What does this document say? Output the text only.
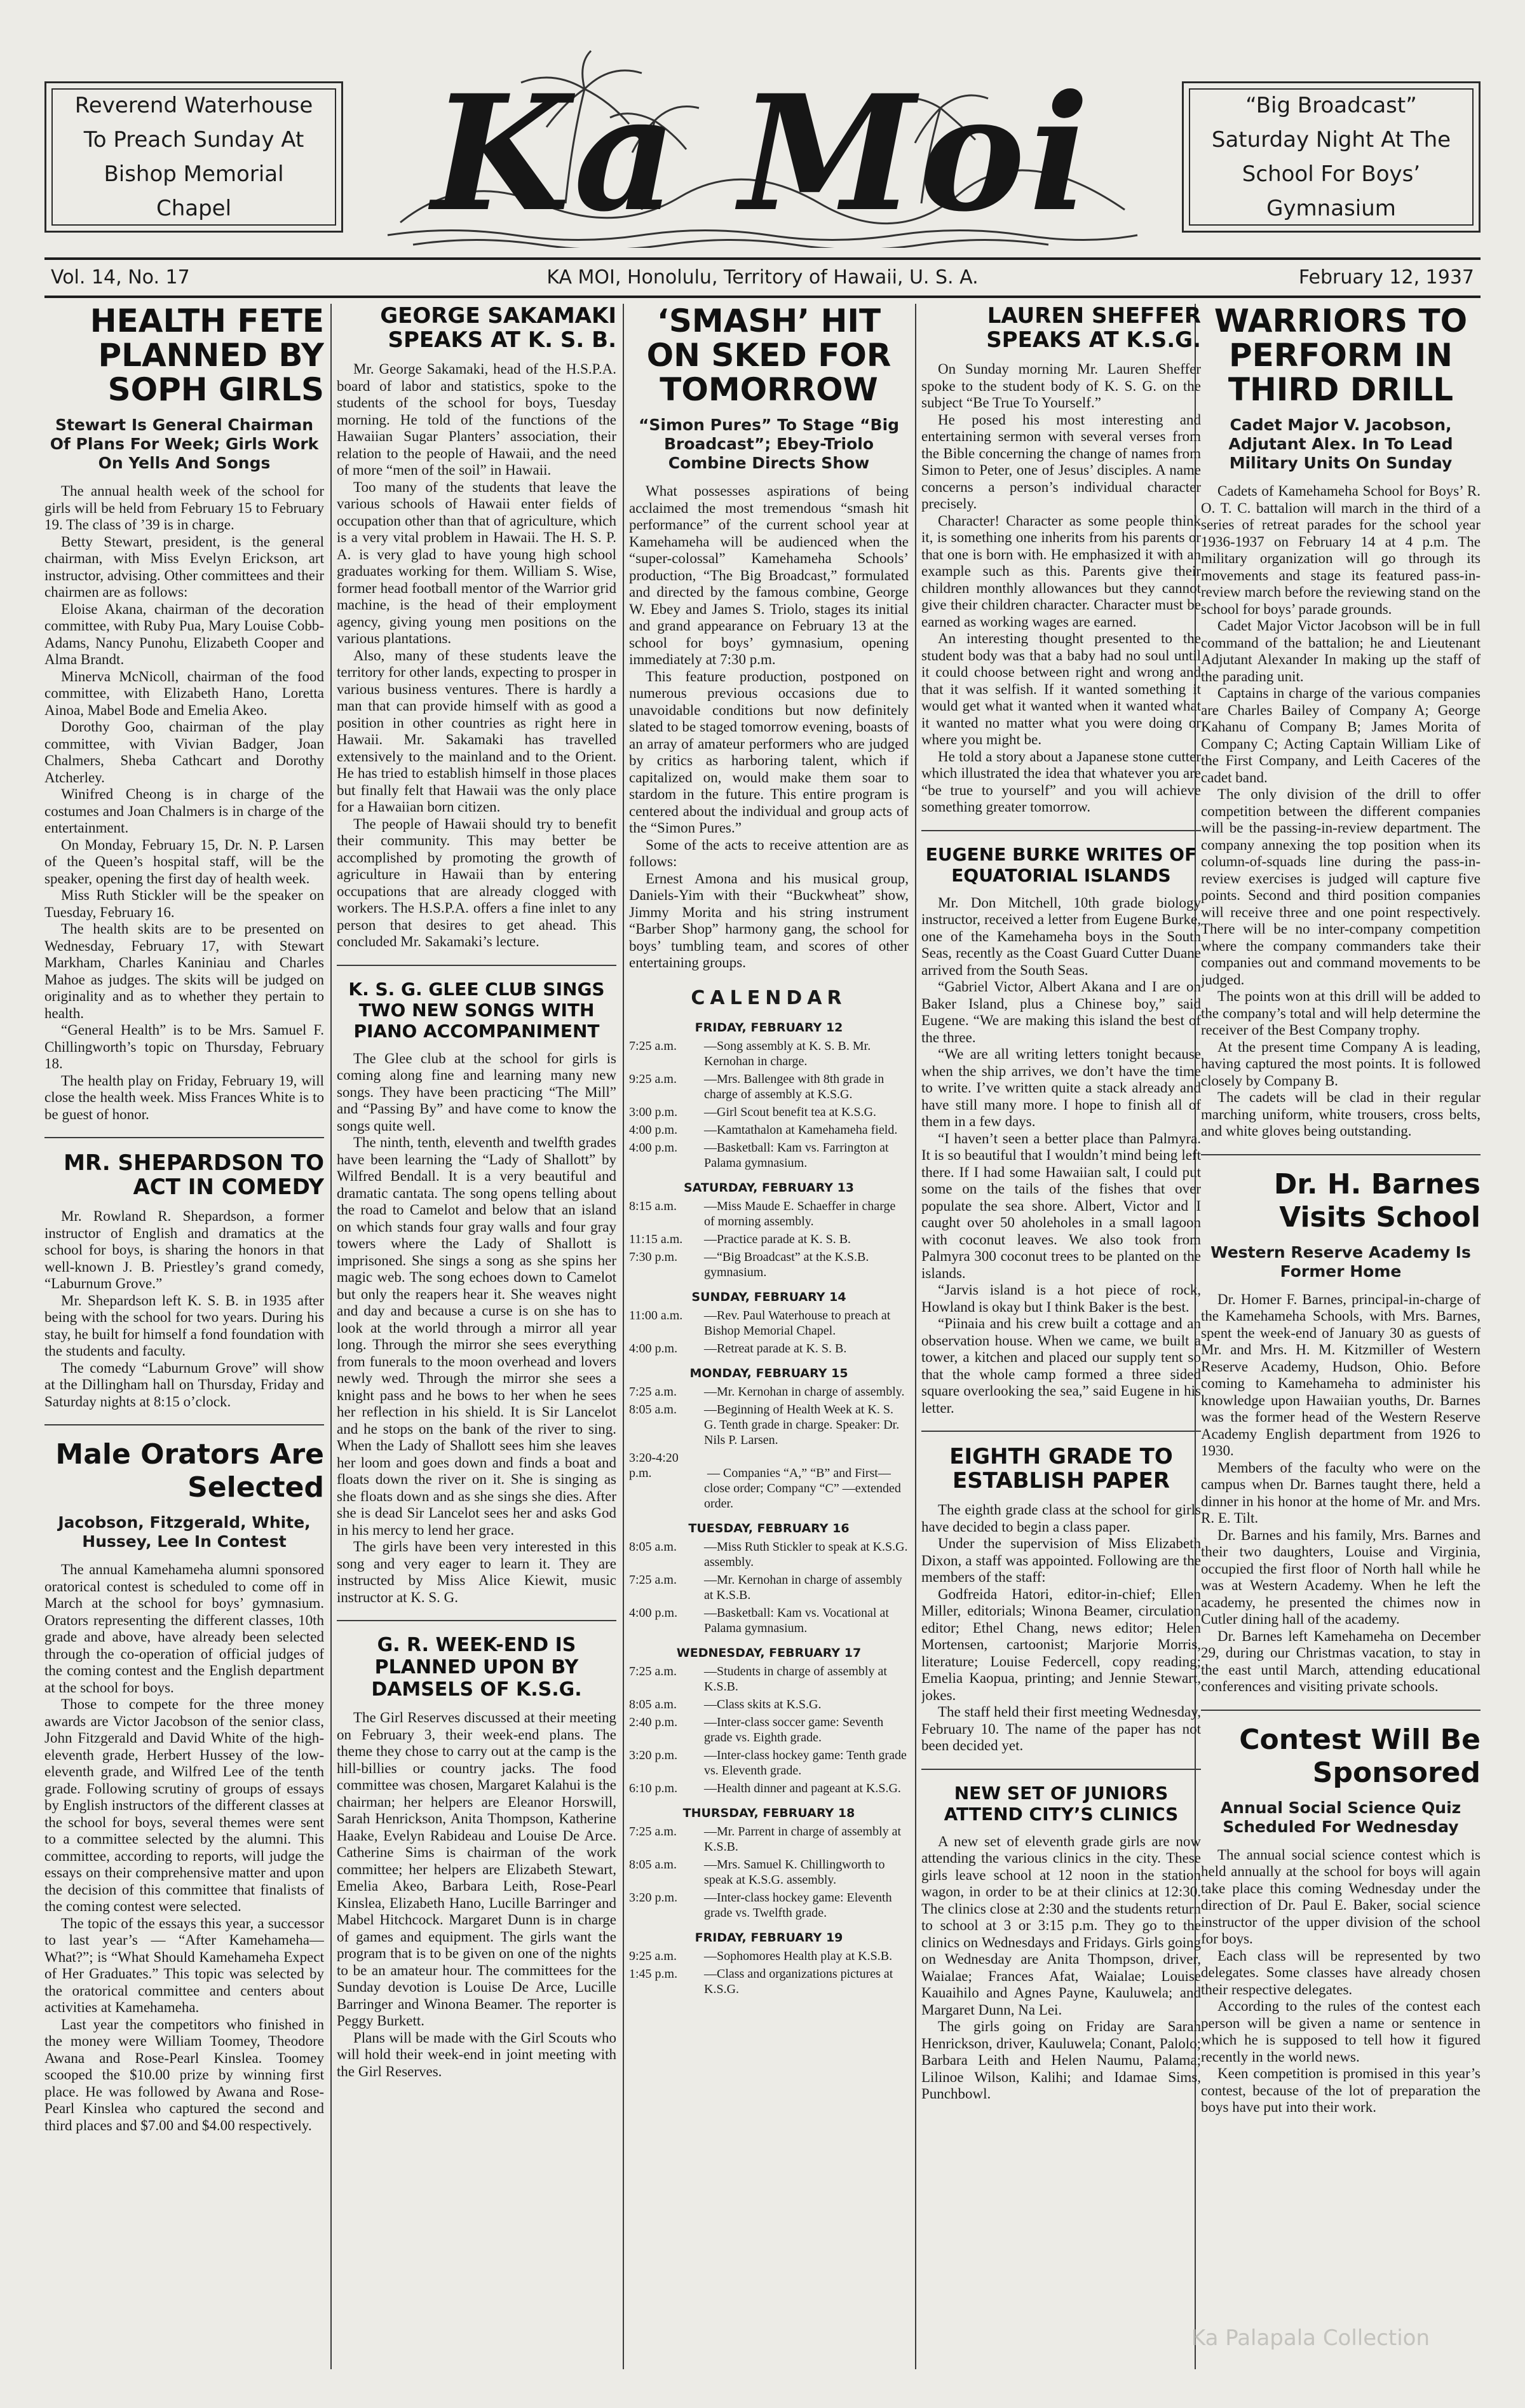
Reverend Waterhouse To Preach Sunday At Bishop Memorial Chapel	Ka Moi	“Big Broadcast” Saturday Night At The School For Boys’ Gymnasium
Vol. 14, No. 17	KA MOI, Honolulu, Territory of Hawaii, U. S. A.	February 12, 1937
HEALTH FETE PLANNED BY SOPH GIRLS
Stewart Is General Chairman Of Plans For Week; Girls Work On Yells And Songs

The annual health week of the school for girls will be held from February 15 to February 19. The class of ’39 is in charge.

Betty Stewart, president, is the general chairman, with Miss Evelyn Erickson, art instructor, advising. Other committees and their chairmen are as follows:

Eloise Akana, chairman of the decoration committee, with Ruby Pua, Mary Louise Cobb-Adams, Nancy Punohu, Elizabeth Cooper and Alma Brandt.

Minerva McNicoll, chairman of the food committee, with Elizabeth Hano, Loretta Ainoa, Mabel Bode and Emelia Akeo.

Dorothy Goo, chairman of the play committee, with Vivian Badger, Joan Chalmers, Sheba Cathcart and Dorothy Atcherley.

Winifred Cheong is in charge of the costumes and Joan Chalmers is in charge of the entertainment.

On Monday, February 15, Dr. N. P. Larsen of the Queen’s hospital staff, will be the speaker, opening the first day of health week.

Miss Ruth Stickler will be the speaker on Tuesday, February 16.

The health skits are to be presented on Wednesday, February 17, with Stewart Markham, Charles Kaniniau and Charles Mahoe as judges. The skits will be judged on originality and as to whether they pertain to health.

“General Health” is to be Mrs. Samuel F. Chillingworth’s topic on Thursday, February 18.

The health play on Friday, February 19, will close the health week. Miss Frances White is to be guest of honor.

MR. SHEPARDSON TO ACT IN COMEDY

Mr. Rowland R. Shepardson, a former instructor of English and dramatics at the school for boys, is sharing the honors in that well-known J. B. Priestley’s grand comedy, “Laburnum Grove.”

Mr. Shepardson left K. S. B. in 1935 after being with the school for two years. During his stay, he built for himself a fond foundation with the students and faculty.

The comedy “Laburnum Grove” will show at the Dillingham hall on Thursday, Friday and Saturday nights at 8:15 o’clock.

Male Orators Are Selected
Jacobson, Fitzgerald, White, Hussey, Lee In Contest

The annual Kamehameha alumni sponsored oratorical contest is scheduled to come off in March at the school for boys’ gymnasium. Orators representing the different classes, 10th grade and above, have already been selected through the co-operation of official judges of the coming contest and the English department at the school for boys.

Those to compete for the three money awards are Victor Jacobson of the senior class, John Fitzgerald and David White of the high-eleventh grade, Herbert Hussey of the low-eleventh grade, and Wilfred Lee of the tenth grade. Following scrutiny of groups of essays by English instructors of the different classes at the school for boys, several themes were sent to a committee selected by the alumni. This committee, according to reports, will judge the essays on their comprehensive matter and upon the decision of this committee that finalists of the coming contest were selected.

The topic of the essays this year, a successor to last year’s — “After Kamehameha—What?”; is “What Should Kamehameha Expect of Her Graduates.” This topic was selected by the oratorical committee and centers about activities at Kamehameha.

Last year the competitors who finished in the money were William Toomey, Theodore Awana and Rose-Pearl Kinslea. Toomey scooped the $10.00 prize by winning first place. He was followed by Awana and Rose-Pearl Kinslea who captured the second and third places and $7.00 and $4.00 respectively.

GEORGE SAKAMAKI SPEAKS AT K. S. B.

Mr. George Sakamaki, head of the H.S.P.A. board of labor and statistics, spoke to the students of the school for boys, Tuesday morning. He told of the functions of the Hawaiian Sugar Planters’ association, their relation to the people of Hawaii, and the need of more “men of the soil” in Hawaii.

Too many of the students that leave the various schools of Hawaii enter fields of occupation other than that of agriculture, which is a very vital problem in Hawaii. The H. S. P. A. is very glad to have young high school graduates working for them. William S. Wise, former head football mentor of the Warrior grid machine, is the head of their employment agency, giving young men positions on the various plantations.

Also, many of these students leave the territory for other lands, expecting to prosper in various business ventures. There is hardly a man that can provide himself with as good a position in other countries as right here in Hawaii. Mr. Sakamaki has travelled extensively to the mainland and to the Orient. He has tried to establish himself in those places but finally felt that Hawaii was the only place for a Hawaiian born citizen.

The people of Hawaii should try to benefit their community. This may better be accomplished by promoting the growth of agriculture in Hawaii than by entering occupations that are already clogged with workers. The H.S.P.A. offers a fine inlet to any person that desires to get ahead. This concluded Mr. Sakamaki’s lecture.

K. S. G. GLEE CLUB SINGS TWO NEW SONGS WITH PIANO ACCOMPANIMENT

The Glee club at the school for girls is coming along fine and learning many new songs. They have been practicing “The Mill” and “Passing By” and have come to know the songs quite well.

The ninth, tenth, eleventh and twelfth grades have been learning the “Lady of Shallott” by Wilfred Bendall. It is a very beautiful and dramatic cantata. The song opens telling about the road to Camelot and below that an island on which stands four gray walls and four gray towers where the Lady of Shallott is imprisoned. She sings a song as she spins her magic web. The song echoes down to Camelot but only the reapers hear it. She weaves night and day and because a curse is on she has to look at the world through a mirror all year long. Through the mirror she sees everything from funerals to the moon overhead and lovers newly wed. Through the mirror she sees a knight pass and he bows to her when he sees her reflection in his shield. It is Sir Lancelot and he stops on the bank of the river to sing. When the Lady of Shallott sees him she leaves her loom and goes down and finds a boat and floats down the river on it. She is singing as she floats down and as she sings she dies. After she is dead Sir Lancelot sees her and asks God in his mercy to lend her grace.

The girls have been very interested in this song and very eager to learn it. They are instructed by Miss Alice Kiewit, music instructor at K. S. G.

G. R. WEEK-END IS PLANNED UPON BY DAMSELS OF K.S.G.

The Girl Reserves discussed at their meeting on February 3, their week-end plans. The theme they chose to carry out at the camp is the hill-billies or country jacks. The food committee was chosen, Margaret Kalahui is the chairman; her helpers are Eleanor Horswill, Sarah Henrickson, Anita Thompson, Katherine Haake, Evelyn Rabideau and Louise De Arce. Catherine Sims is chairman of the work committee; her helpers are Elizabeth Stewart, Emelia Akeo, Barbara Leith, Rose-Pearl Kinslea, Elizabeth Hano, Lucille Barringer and Mabel Hitchcock. Margaret Dunn is in charge of games and equipment. The girls want the program that is to be given on one of the nights to be an amateur hour. The committees for the Sunday devotion is Louise De Arce, Lucille Barringer and Winona Beamer. The reporter is Peggy Burkett.

Plans will be made with the Girl Scouts who will hold their week-end in joint meeting with the Girl Reserves.

‘SMASH’ HIT ON SKED FOR TOMORROW
“Simon Pures” To Stage “Big Broadcast”; Ebey-Triolo Combine Directs Show

What possesses aspirations of being acclaimed the most tremendous “smash hit performance” of the current school year at Kamehameha will be audienced when the “super-colossal” Kamehameha Schools’ production, “The Big Broadcast,” formulated and directed by the famous combine, George W. Ebey and James S. Triolo, stages its initial and grand appearance on February 13 at the school for boys’ gymnasium, opening immediately at 7:30 p.m.

This feature production, postponed on numerous previous occasions due to unavoidable conditions but now definitely slated to be staged tomorrow evening, boasts of an array of amateur performers who are judged by critics as harboring talent, which if capitalized on, would make them soar to stardom in the future. This entire program is centered about the individual and group acts of the “Simon Pures.”

Some of the acts to receive attention are as follows:

Ernest Amona and his musical group, Daniels-Yim with their “Buckwheat” show, Jimmy Morita and his string instrument “Barber Shop” harmony gang, the school for boys’ tumbling team, and scores of other entertaining groups.

CALENDAR
FRIDAY, FEBRUARY 12
7:25 a.m. —Song assembly at K. S. B. Mr. Kernohan in charge.
9:25 a.m. —Mrs. Ballengee with 8th grade in charge of assembly at K.S.G.
3:00 p.m. —Girl Scout benefit tea at K.S.G.
4:00 p.m. —Kamtathalon at Kamehameha field.
4:00 p.m. —Basketball: Kam vs. Farrington at Palama gymnasium.
SATURDAY, FEBRUARY 13
8:15 a.m. —Miss Maude E. Schaeffer in charge of morning assembly.
11:15 a.m. —Practice parade at K. S. B.
7:30 p.m. —“Big Broadcast” at the K.S.B. gymnasium.
SUNDAY, FEBRUARY 14
11:00 a.m. —Rev. Paul Waterhouse to preach at Bishop Memorial Chapel.
4:00 p.m. —Retreat parade at K. S. B.
MONDAY, FEBRUARY 15
7:25 a.m. —Mr. Kernohan in charge of assembly.
8:05 a.m. —Beginning of Health Week at K. S. G. Tenth grade in charge. Speaker: Dr. Nils P. Larsen.
3:20-4:20 p.m.	— Companies “A,” “B” and First—close order; Company “C” —extended order.
TUESDAY, FEBRUARY 16
8:05 a.m. —Miss Ruth Stickler to speak at K.S.G. assembly.
7:25 a.m. —Mr. Kernohan in charge of assembly at K.S.B.
4:00 p.m. —Basketball: Kam vs. Vocational at Palama gymnasium.
WEDNESDAY, FEBRUARY 17
7:25 a.m. —Students in charge of assembly at K.S.B.
8:05 a.m. —Class skits at K.S.G.
2:40 p.m. —Inter-class soccer game: Seventh grade vs. Eighth grade.
3:20 p.m. —Inter-class hockey game: Tenth grade vs. Eleventh grade.
6:10 p.m. —Health dinner and pageant at K.S.G.
THURSDAY, FEBRUARY 18
7:25 a.m. —Mr. Parrent in charge of assembly at K.S.B.
8:05 a.m. —Mrs. Samuel K. Chillingworth to speak at K.S.G. assembly.
3:20 p.m. —Inter-class hockey game: Eleventh grade vs. Twelfth grade.
FRIDAY, FEBRUARY 19
9:25 a.m. —Sophomores Health play at K.S.B.
1:45 p.m. —Class and organizations pictures at K.S.G.
LAUREN SHEFFER SPEAKS AT K.S.G.

On Sunday morning Mr. Lauren Sheffer spoke to the student body of K. S. G. on the subject “Be True To Yourself.”

He posed his most interesting and entertaining sermon with several verses from the Bible concerning the change of names from Simon to Peter, one of Jesus’ disciples. A name concerns a person’s individual character precisely.

Character! Character as some people think it, is something one inherits from his parents or that one is born with. He emphasized it with an example such as this. Parents give their children monthly allowances but they cannot give their children character. Character must be earned as working wages are earned.

An interesting thought presented to the student body was that a baby had no soul until it could choose between right and wrong and that it was selfish. If it wanted something it would get what it wanted when it wanted what it wanted no matter what you were doing or where you might be.

He told a story about a Japanese stone cutter which illustrated the idea that whatever you are “be true to yourself” and you will achieve something greater tomorrow.

EUGENE BURKE WRITES OF EQUATORIAL ISLANDS

Mr. Don Mitchell, 10th grade biology instructor, received a letter from Eugene Burke, one of the Kamehameha boys in the South Seas, recently as the Coast Guard Cutter Duane arrived from the South Seas.

“Gabriel Victor, Albert Akana and I are on Baker Island, plus a Chinese boy,” said Eugene. “We are making this island the best of the three.

“We are all writing letters tonight because when the ship arrives, we don’t have the time to write. I’ve written quite a stack already and have still many more. I hope to finish all of them in a few days.

“I haven’t seen a better place than Palmyra. It is so beautiful that I wouldn’t mind being left there. If I had some Hawaiian salt, I could put some on the tails of the fishes that over populate the sea shore. Albert, Victor and I caught over 50 aholeholes in a small lagoon with coconut leaves. We also took from Palmyra 300 coconut trees to be planted on the islands.

“Jarvis island is a hot piece of rock, Howland is okay but I think Baker is the best.

“Piinaia and his crew built a cottage and an observation house. When we came, we built a tower, a kitchen and placed our supply tent so that the whole camp formed a three sided square overlooking the sea,” said Eugene in his letter.

EIGHTH GRADE TO ESTABLISH PAPER

The eighth grade class at the school for girls have decided to begin a class paper.

Under the supervision of Miss Elizabeth Dixon, a staff was appointed. Following are the members of the staff:

Godfreida Hatori, editor-in-chief; Ellen Miller, editorials; Winona Beamer, circulation editor; Ethel Chang, news editor; Helen Mortensen, cartoonist; Marjorie Morris, literature; Louise Federcell, copy reading; Emelia Kaopua, printing; and Jennie Stewart, jokes.

The staff held their first meeting Wednesday, February 10. The name of the paper has not been decided yet.

NEW SET OF JUNIORS ATTEND CITY’S CLINICS

A new set of eleventh grade girls are now attending the various clinics in the city. These girls leave school at 12 noon in the station wagon, in order to be at their clinics at 12:30. The clinics close at 2:30 and the students return to school at 3 or 3:15 p.m. They go to the clinics on Wednesdays and Fridays. Girls going on Wednesday are Anita Thompson, driver, Waialae; Frances Afat, Waialae; Louise Kauaihilo and Agnes Payne, Kauluwela; and Margaret Dunn, Na Lei.

The girls going on Friday are Sarah Henrickson, driver, Kauluwela; Conant, Palolo; Barbara Leith and Helen Naumu, Palama; Lilinoe Wilson, Kalihi; and Idamae Sims, Punchbowl.

WARRIORS TO PERFORM IN THIRD DRILL
Cadet Major V. Jacobson, Adjutant Alex. In To Lead Military Units On Sunday

Cadets of Kamehameha School for Boys’ R. O. T. C. battalion will march in the third of a series of retreat parades for the school year 1936-1937 on February 14 at 4 p.m. The military organization will go through its movements and stage its featured pass-in-review march before the reviewing stand on the school for boys’ parade grounds.

Cadet Major Victor Jacobson will be in full command of the battalion; he and Lieutenant Adjutant Alexander In making up the staff of the parading unit.

Captains in charge of the various companies are Charles Bailey of Company A; George Kahanu of Company B; James Morita of Company C; Acting Captain William Like of the First Company, and Leith Caceres of the cadet band.

The only division of the drill to offer competition between the different companies will be the passing-in-review department. The company annexing the top position when its column-of-squads line during the pass-in-review exercises is judged will capture five points. Second and third position companies will receive three and one point respectively. There will be no inter-company competition where the company commanders take their companies out and command movements to be judged.

The points won at this drill will be added to the company’s total and will help determine the receiver of the Best Company trophy.

At the present time Company A is leading, having captured the most points. It is followed closely by Company B.

The cadets will be clad in their regular marching uniform, white trousers, cross belts, and white gloves being outstanding.

Dr. H. Barnes Visits School
Western Reserve Academy Is Former Home

Dr. Homer F. Barnes, principal-in-charge of the Kamehameha Schools, with Mrs. Barnes, spent the week-end of January 30 as guests of Mr. and Mrs. H. M. Kitzmiller of Western Reserve Academy, Hudson, Ohio. Before coming to Kamehameha to administer his knowledge upon Hawaiian youths, Dr. Barnes was the former head of the Western Reserve Academy English department from 1926 to 1930.

Members of the faculty who were on the campus when Dr. Barnes taught there, held a dinner in his honor at the home of Mr. and Mrs. R. E. Tilt.

Dr. Barnes and his family, Mrs. Barnes and their two daughters, Louise and Virginia, occupied the first floor of North hall while he was at Western Academy. When he left the academy, he presented the chimes now in Cutler dining hall of the academy.

Dr. Barnes left Kamehameha on December 29, during our Christmas vacation, to stay in the east until March, attending educational conferences and visiting private schools.

Contest Will Be Sponsored
Annual Social Science Quiz Scheduled For Wednesday

The annual social science contest which is held annually at the school for boys will again take place this coming Wednesday under the direction of Dr. Paul E. Baker, social science instructor of the upper division of the school for boys.

Each class will be represented by two delegates. Some classes have already chosen their respective delegates.

According to the rules of the contest each person will be given a name or sentence in which he is supposed to tell how it figured recently in the world news.

Keen competition is promised in this year’s contest, because of the lot of preparation the boys have put into their work.

Ka Palapala Collection
